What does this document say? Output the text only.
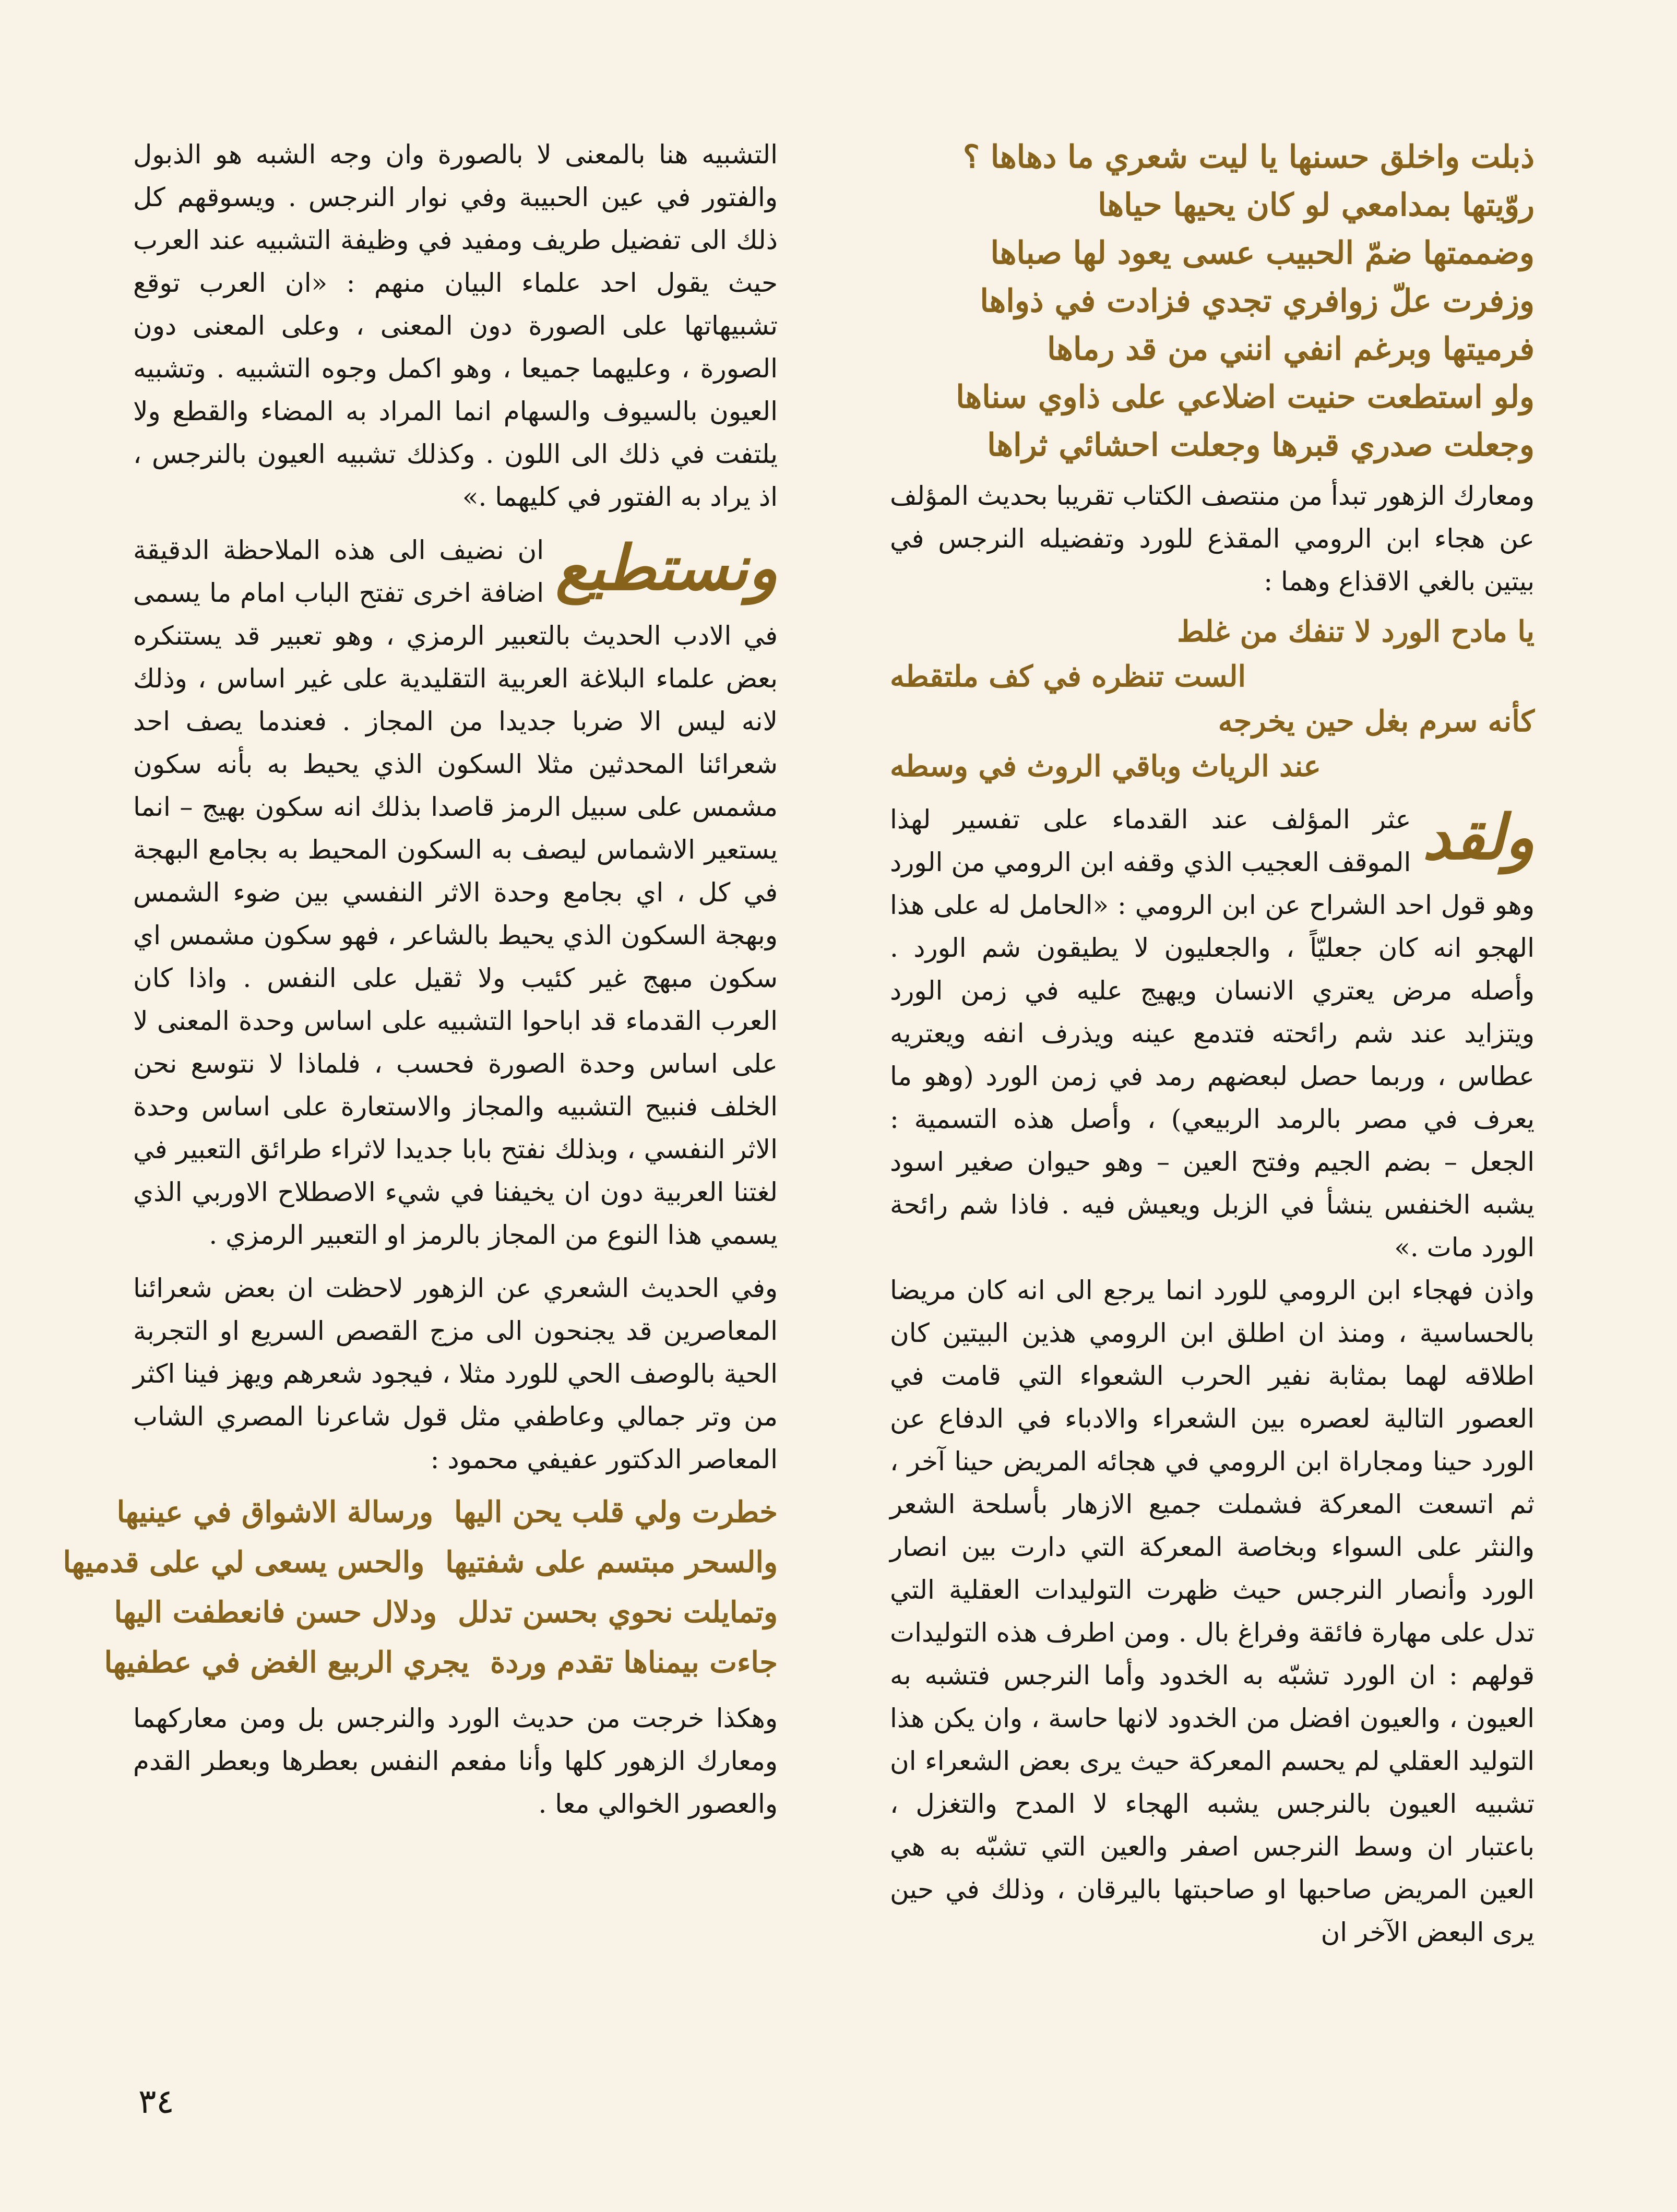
ذبلت واخلق حسنها يا ليت شعري ما دهاها ؟

روّيتها بمدامعي لو كان يحيها حياها

وضممتها ضمّ الحبيب عسى يعود لها صباها

وزفرت علّ زوافري تجدي فزادت في ذواها

فرميتها وبرغم انفي انني من قد رماها

ولو استطعت حنيت اضلاعي على ذاوي سناها

وجعلت صدري قبرها وجعلت احشائي ثراها

ومعارك الزهور تبدأ من منتصف الكتاب تقريبا بحديث المؤلف عن هجاء ابن الرومي المقذع للورد وتفضيله النرجس في بيتين بالغي الاقذاع وهما :

يا مادح الورد لا تنفك من غلط

الست تنظره في كف ملتقطه

كأنه سرم بغل حين يخرجه

عند الرياث وباقي الروث في وسطه

ولقد

عثر المؤلف عند القدماء على تفسير لهذا الموقف العجيب الذي وقفه ابن الرومي من الورد وهو قول احد الشراح عن ابن الرومي : «الحامل له على هذا الهجو انه كان جعليّاً ، والجعليون لا يطيقون شم الورد . وأصله مرض يعتري الانسان ويهيج عليه في زمن الورد ويتزايد عند شم رائحته فتدمع عينه ويذرف انفه ويعتريه عطاس ، وربما حصل لبعضهم رمد في زمن الورد (وهو ما يعرف في مصر بالرمد الربيعي) ، وأصل هذه التسمية : الجعل – بضم الجيم وفتح العين – وهو حيوان صغير اسود يشبه الخنفس ينشأ في الزبل ويعيش فيه . فاذا شم رائحة الورد مات .»

واذن فهجاء ابن الرومي للورد انما يرجع الى انه كان مريضا بالحساسية ، ومنذ ان اطلق ابن الرومي هذين البيتين كان اطلاقه لهما بمثابة نفير الحرب الشعواء التي قامت في العصور التالية لعصره بين الشعراء والادباء في الدفاع عن الورد حينا ومجاراة ابن الرومي في هجائه المريض حينا آخر ، ثم اتسعت المعركة فشملت جميع الازهار بأسلحة الشعر والنثر على السواء وبخاصة المعركة التي دارت بين انصار الورد وأنصار النرجس حيث ظهرت التوليدات العقلية التي تدل على مهارة فائقة وفراغ بال . ومن اطرف هذه التوليدات قولهم : ان الورد تشبّه به الخدود وأما النرجس فتشبه به العيون ، والعيون افضل من الخدود لانها حاسة ، وان يكن هذا التوليد العقلي لم يحسم المعركة حيث يرى بعض الشعراء ان تشبيه العيون بالنرجس يشبه الهجاء لا المدح والتغزل ، باعتبار ان وسط النرجس اصفر والعين التي تشبّه به هي العين المريض صاحبها او صاحبتها باليرقان ، وذلك في حين يرى البعض الآخر ان

التشبيه هنا بالمعنى لا بالصورة وان وجه الشبه هو الذبول والفتور في عين الحبيبة وفي نوار النرجس . ويسوقهم كل ذلك الى تفضيل طريف ومفيد في وظيفة التشبيه عند العرب حيث يقول احد علماء البيان منهم : «ان العرب توقع تشبيهاتها على الصورة دون المعنى ، وعلى المعنى دون الصورة ، وعليهما جميعا ، وهو اكمل وجوه التشبيه . وتشبيه العيون بالسيوف والسهام انما المراد به المضاء والقطع ولا يلتفت في ذلك الى اللون . وكذلك تشبيه العيون بالنرجس ، اذ يراد به الفتور في كليهما .»

ونستطيع

ان نضيف الى هذه الملاحظة الدقيقة اضافة اخرى تفتح الباب امام ما يسمى في الادب الحديث بالتعبير الرمزي ، وهو تعبير قد يستنكره بعض علماء البلاغة العربية التقليدية على غير اساس ، وذلك لانه ليس الا ضربا جديدا من المجاز . فعندما يصف احد شعرائنا المحدثين مثلا السكون الذي يحيط به بأنه سكون مشمس على سبيل الرمز قاصدا بذلك انه سكون بهيج – انما يستعير الاشماس ليصف به السكون المحيط به بجامع البهجة في كل ، اي بجامع وحدة الاثر النفسي بين ضوء الشمس وبهجة السكون الذي يحيط بالشاعر ، فهو سكون مشمس اي سكون مبهج غير كئيب ولا ثقيل على النفس . واذا كان العرب القدماء قد اباحوا التشبيه على اساس وحدة المعنى لا على اساس وحدة الصورة فحسب ، فلماذا لا نتوسع نحن الخلف فنبيح التشبيه والمجاز والاستعارة على اساس وحدة الاثر النفسي ، وبذلك نفتح بابا جديدا لاثراء طرائق التعبير في لغتنا العربية دون ان يخيفنا في شيء الاصطلاح الاوربي الذي يسمي هذا النوع من المجاز بالرمز او التعبير الرمزي .

وفي الحديث الشعري عن الزهور لاحظت ان بعض شعرائنا المعاصرين قد يجنحون الى مزج القصص السريع او التجربة الحية بالوصف الحي للورد مثلا ، فيجود شعرهم ويهز فينا اكثر من وتر جمالي وعاطفي مثل قول شاعرنا المصري الشاب المعاصر الدكتور عفيفي محمود :

خطرت ولي قلب يحن اليها
ورسالة الاشواق في عينيها
والسحر مبتسم على شفتيها
والحس يسعى لي على قدميها
وتمايلت نحوي بحسن تدلل
ودلال حسن فانعطفت اليها
جاءت بيمناها تقدم وردة
يجري الربيع الغض في عطفيها

وهكذا خرجت من حديث الورد والنرجس بل ومن معاركهما ومعارك الزهور كلها وأنا مفعم النفس بعطرها وبعطر القدم والعصور الخوالي معا .

٣٤
